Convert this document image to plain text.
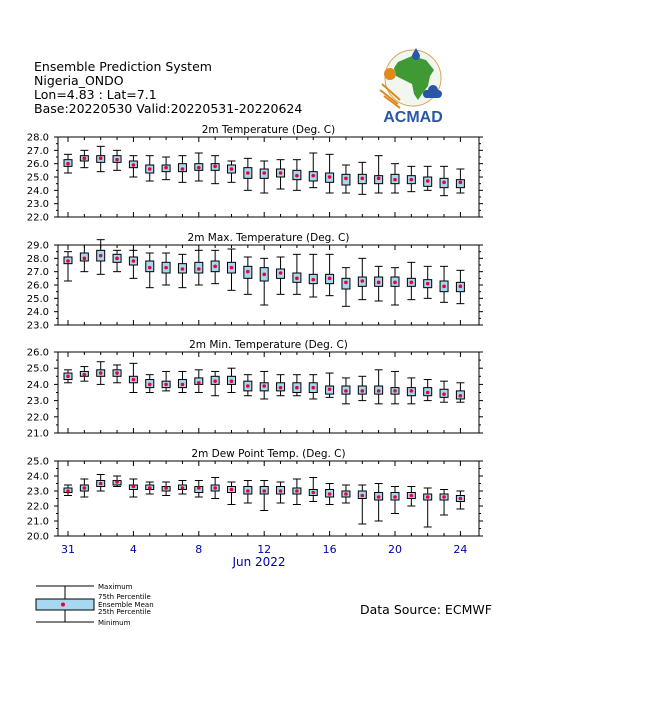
Ensemble Prediction System
Nigeria_ONDO
Lon=4.83 : Lat=7.1
Base:20220530 Valid:20220531-20220624
ACMAD
2m Temperature (Deg. C)
22.0
23.0
24.0
25.0
26.0
27.0
28.0
2m Max. Temperature (Deg. C)
23.0
24.0
25.0
26.0
27.0
28.0
29.0
2m Min. Temperature (Deg. C)
21.0
22.0
23.0
24.0
25.0
26.0
2m Dew Point Temp. (Deg. C)
20.0
21.0
22.0
23.0
24.0
25.0
31	4	8	12	16	20	24
Jun 2022
Maximum
75th Percentile
Ensemble Mean
25th Percentile
Minimum
Data Source: ECMWF
